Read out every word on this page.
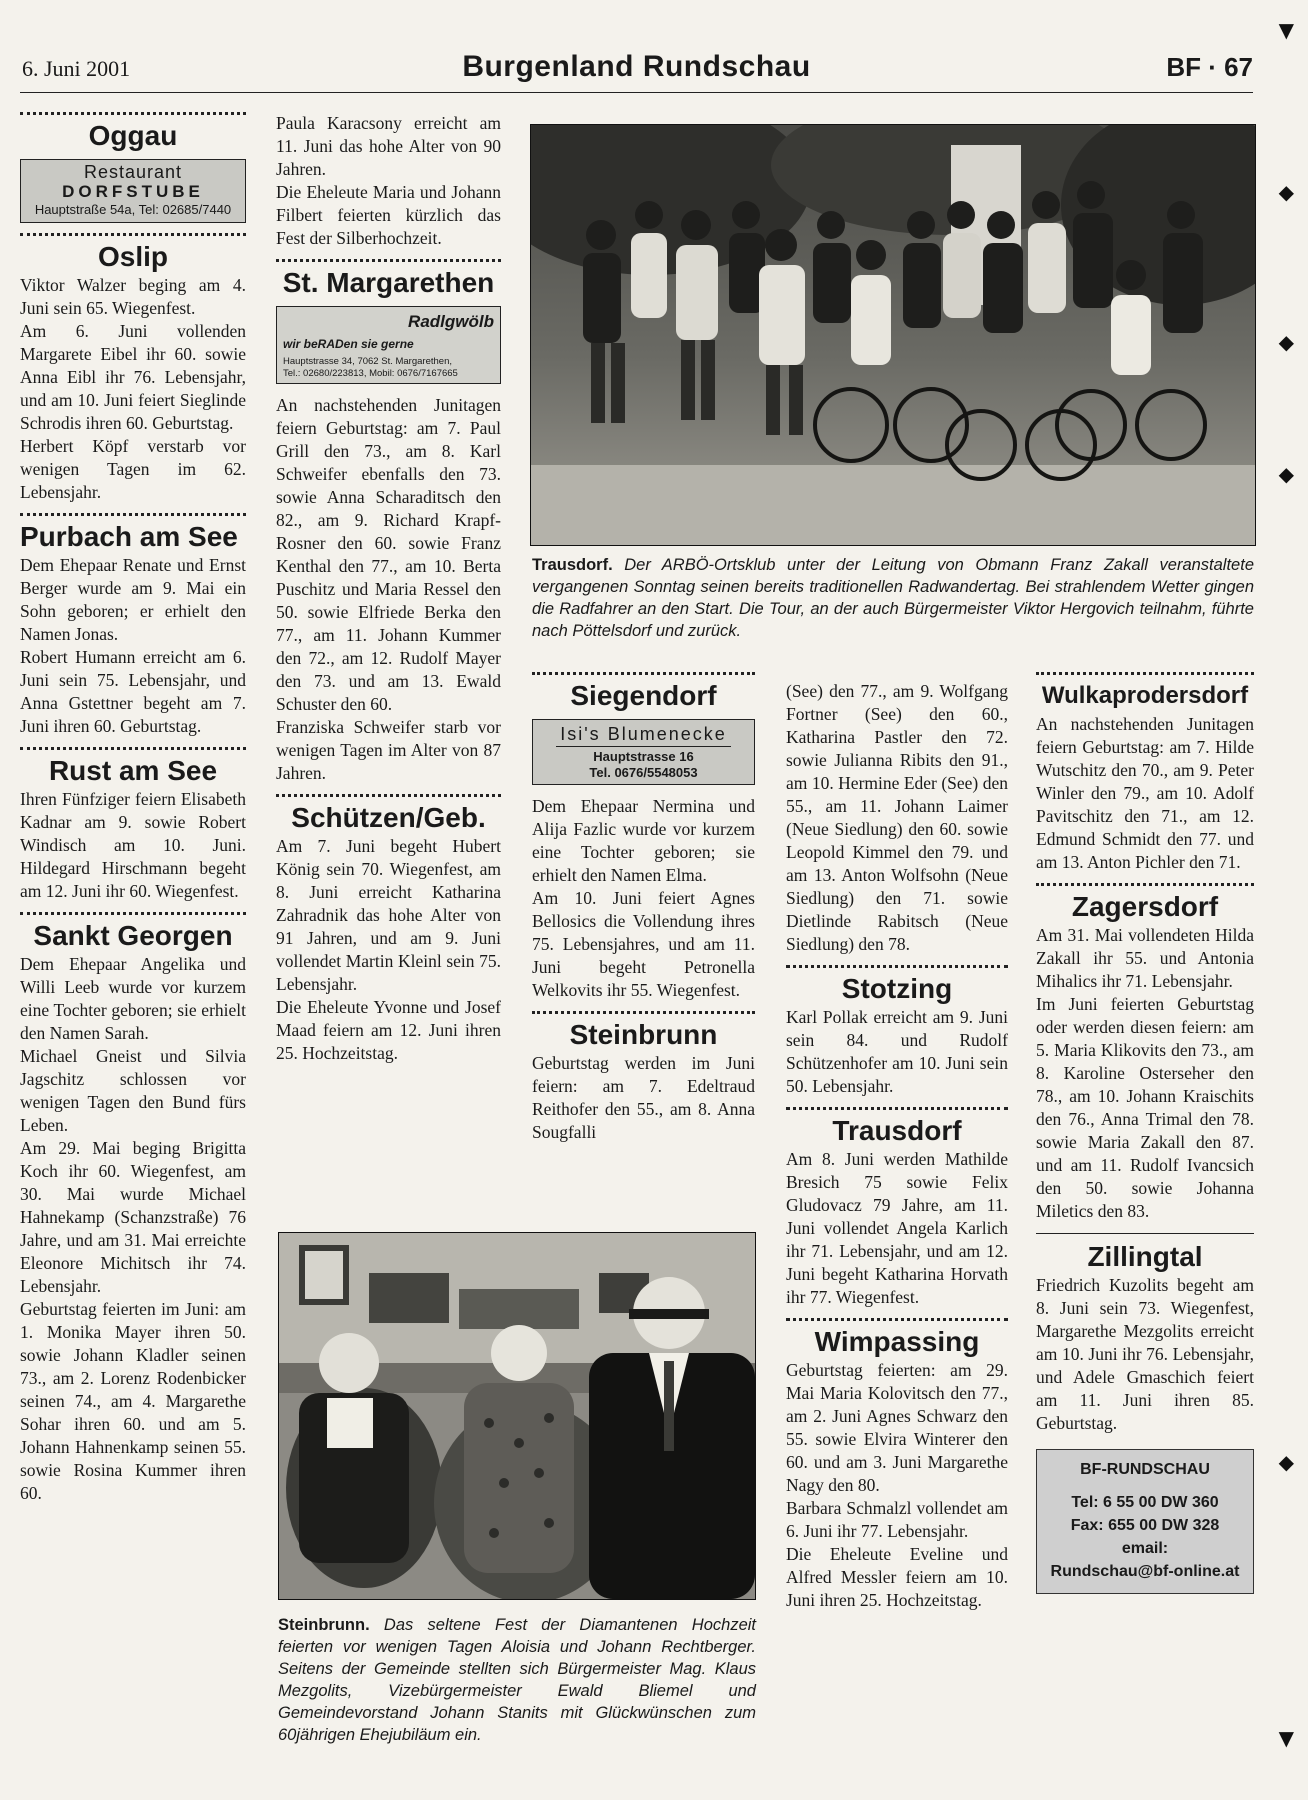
6. Juni 2001	Burgenland Rundschau	BF · 67
Oggau
Restaurant
DORFSTUBE
Hauptstraße 54a, Tel: 02685/7440
Oslip

Viktor Walzer beging am 4. Juni sein 65. Wiegenfest.

Am 6. Juni vollenden Margarete Eibel ihr 60. sowie Anna Eibl ihr 76. Lebensjahr, und am 10. Juni feiert Sieglinde Schrodis ihren 60. Geburtstag.

Herbert Köpf verstarb vor wenigen Tagen im 62. Lebensjahr.

Purbach am See

Dem Ehepaar Renate und Ernst Berger wurde am 9. Mai ein Sohn geboren; er erhielt den Namen Jonas.

Robert Humann erreicht am 6. Juni sein 75. Lebensjahr, und Anna Gstettner begeht am 7. Juni ihren 60. Geburtstag.

Rust am See

Ihren Fünfziger feiern Elisabeth Kadnar am 9. sowie Robert Windisch am 10. Juni. Hildegard Hirschmann begeht am 12. Juni ihr 60. Wiegenfest.

Sankt Georgen

Dem Ehepaar Angelika und Willi Leeb wurde vor kurzem eine Tochter geboren; sie erhielt den Namen Sarah.

Michael Gneist und Silvia Jagschitz schlossen vor wenigen Tagen den Bund fürs Leben.

Am 29. Mai beging Brigitta Koch ihr 60. Wiegenfest, am 30. Mai wurde Michael Hahnekamp (Schanzstraße) 76 Jahre, und am 31. Mai erreichte Eleonore Michitsch ihr 74. Lebensjahr.

Geburtstag feierten im Juni: am 1. Monika Mayer ihren 50. sowie Johann Kladler seinen 73., am 2. Lorenz Rodenbicker seinen 74., am 4. Margarethe Sohar ihren 60. und am 5. Johann Hahnenkamp seinen 55. sowie Rosina Kummer ihren 60.

Paula Karacsony erreicht am 11. Juni das hohe Alter von 90 Jahren.

Die Eheleute Maria und Johann Filbert feierten kürzlich das Fest der Silberhochzeit.

St. Margarethen
Radlgwölb
wir beRADen sie gerne
Hauptstrasse 34, 7062 St. Margarethen,
Tel.: 02680/223813, Mobil: 0676/7167665

An nachstehenden Junitagen feiern Geburtstag: am 7. Paul Grill den 73., am 8. Karl Schweifer ebenfalls den 73. sowie Anna Scharaditsch den 82., am 9. Richard Krapf-Rosner den 60. sowie Franz Kenthal den 77., am 10. Berta Puschitz und Maria Ressel den 50. sowie Elfriede Berka den 77., am 11. Johann Kummer den 72., am 12. Rudolf Mayer den 73. und am 13. Ewald Schuster den 60.

Franziska Schweifer starb vor wenigen Tagen im Alter von 87 Jahren.

Schützen/Geb.

Am 7. Juni begeht Hubert König sein 70. Wiegenfest, am 8. Juni erreicht Katharina Zahradnik das hohe Alter von 91 Jahren, und am 9. Juni vollendet Martin Kleinl sein 75. Lebensjahr.

Die Eheleute Yvonne und Josef Maad feiern am 12. Juni ihren 25. Hochzeitstag.

Trausdorf. Der ARBÖ-Ortsklub unter der Leitung von Obmann Franz Zakall veranstaltete vergangenen Sonntag seinen bereits traditionellen Radwandertag. Bei strahlendem Wetter gingen die Radfahrer an den Start. Die Tour, an der auch Bürgermeister Viktor Hergovich teilnahm, führte nach Pöttelsdorf und zurück.
Siegendorf
Isi's Blumenecke
Hauptstrasse 16
Tel. 0676/5548053

Dem Ehepaar Nermina und Alija Fazlic wurde vor kurzem eine Tochter geboren; sie erhielt den Namen Elma.

Am 10. Juni feiert Agnes Bellosics die Vollendung ihres 75. Lebensjahres, und am 11. Juni begeht Petronella Welkovits ihr 55. Wiegenfest.

Steinbrunn

Geburtstag werden im Juni feiern: am 7. Edeltraud Reithofer den 55., am 8. Anna Sougfalli

Steinbrunn. Das seltene Fest der Diamantenen Hochzeit feierten vor wenigen Tagen Aloisia und Johann Rechtberger. Seitens der Gemeinde stellten sich Bürgermeister Mag. Klaus Mezgolits, Vizebürgermeister Ewald Bliemel und Gemeindevorstand Johann Stanits mit Glückwünschen zum 60jährigen Ehejubiläum ein.

(See) den 77., am 9. Wolfgang Fortner (See) den 60., Katharina Pastler den 72. sowie Julianna Ribits den 91., am 10. Hermine Eder (See) den 55., am 11. Johann Laimer (Neue Siedlung) den 60. sowie Leopold Kimmel den 79. und am 13. Anton Wolfsohn (Neue Siedlung) den 71. sowie Dietlinde Rabitsch (Neue Siedlung) den 78.

Stotzing

Karl Pollak erreicht am 9. Juni sein 84. und Rudolf Schützenhofer am 10. Juni sein 50. Lebensjahr.

Trausdorf

Am 8. Juni werden Mathilde Bresich 75 sowie Felix Gludovacz 79 Jahre, am 11. Juni vollendet Angela Karlich ihr 71. Lebensjahr, und am 12. Juni begeht Katharina Horvath ihr 77. Wiegenfest.

Wimpassing

Geburtstag feierten: am 29. Mai Maria Kolovitsch den 77., am 2. Juni Agnes Schwarz den 55. sowie Elvira Winterer den 60. und am 3. Juni Margarethe Nagy den 80.

Barbara Schmalzl vollendet am 6. Juni ihr 77. Lebensjahr.

Die Eheleute Eveline und Alfred Messler feiern am 10. Juni ihren 25. Hochzeitstag.

Wulkaprodersdorf

An nachstehenden Junitagen feiern Geburtstag: am 7. Hilde Wutschitz den 70., am 9. Peter Winler den 79., am 10. Adolf Pavitschitz den 71., am 12. Edmund Schmidt den 77. und am 13. Anton Pichler den 71.

Zagersdorf

Am 31. Mai vollendeten Hilda Zakall ihr 55. und Antonia Mihalics ihr 71. Lebensjahr.

Im Juni feierten Geburtstag oder werden diesen feiern: am 5. Maria Klikovits den 73., am 8. Karoline Osterseher den 78., am 10. Johann Kraischits den 76., Anna Trimal den 78. sowie Maria Zakall den 87. und am 11. Rudolf Ivancsich den 50. sowie Johanna Miletics den 83.

Zillingtal

Friedrich Kuzolits begeht am 8. Juni sein 73. Wiegenfest, Margarethe Mezgolits erreicht am 10. Juni ihr 76. Lebensjahr, und Adele Gmaschich feiert am 11. Juni ihren 85. Geburtstag.

BF-RUNDSCHAU
Tel: 6 55 00 DW 360
Fax: 655 00 DW 328
email:
Rundschau@bf-online.at
▼
◆
◆
◆
◆
▼
